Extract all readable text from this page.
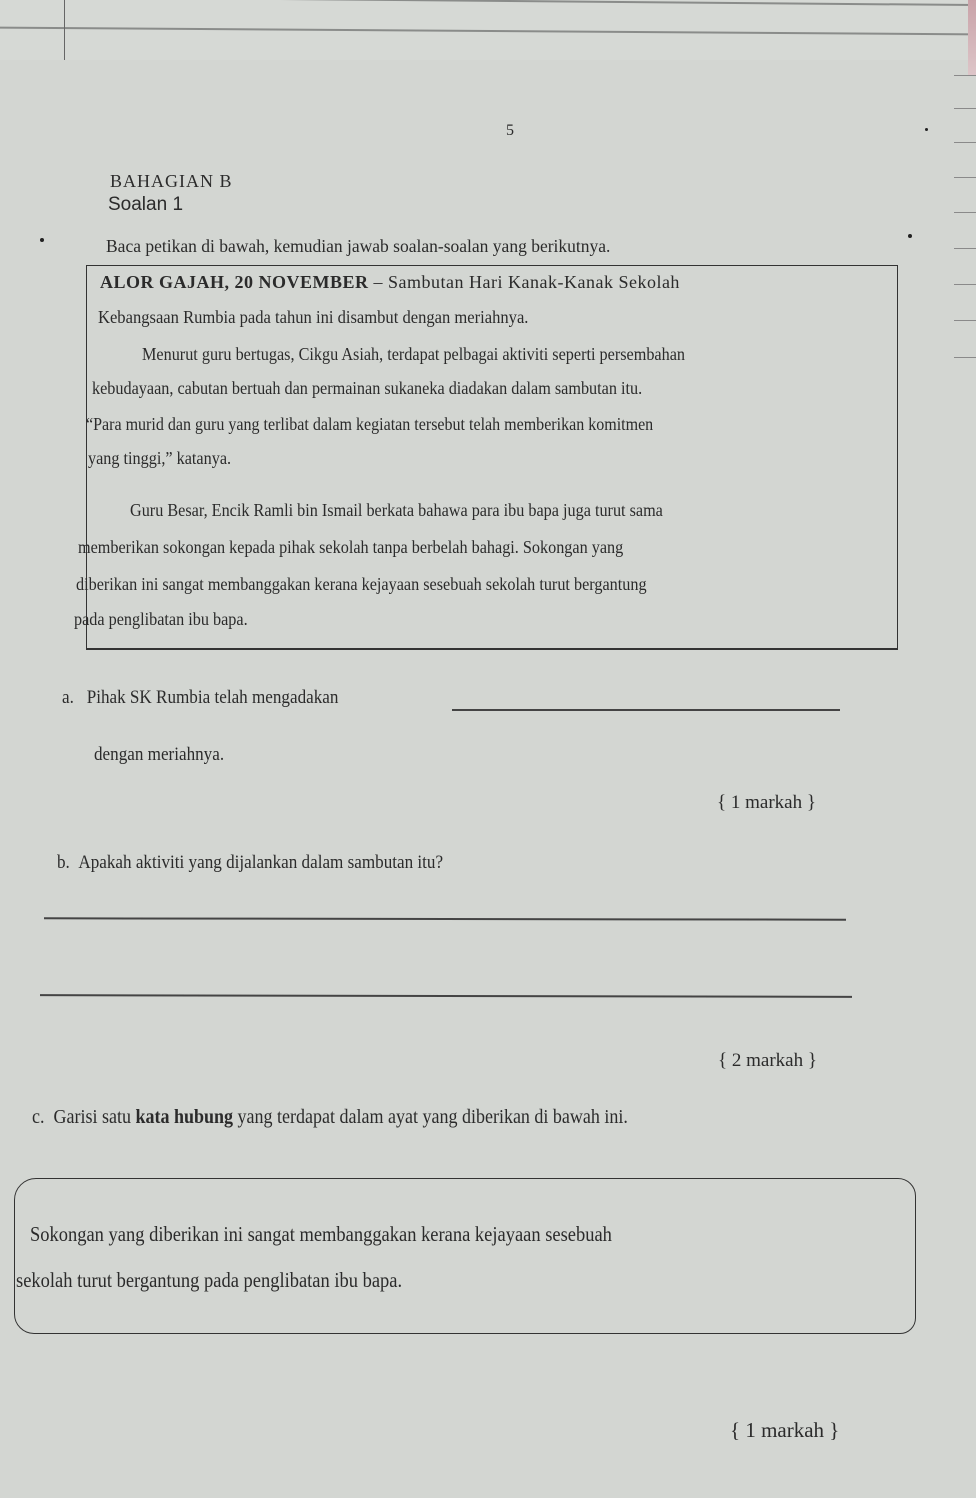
5
BAHAGIAN B
Soalan 1
Baca petikan di bawah, kemudian jawab soalan-soalan yang berikutnya.
ALOR GAJAH, 20 NOVEMBER – Sambutan Hari Kanak-Kanak Sekolah
Kebangsaan Rumbia pada tahun ini disambut dengan meriahnya.
Menurut guru bertugas, Cikgu Asiah, terdapat pelbagai aktiviti seperti persembahan
kebudayaan, cabutan bertuah dan permainan sukaneka diadakan dalam sambutan itu.
“Para murid dan guru yang terlibat dalam kegiatan tersebut telah memberikan komitmen
yang tinggi,” katanya.
Guru Besar, Encik Ramli bin Ismail berkata bahawa para ibu bapa juga turut sama
memberikan sokongan kepada pihak sekolah tanpa berbelah bahagi. Sokongan yang
diberikan ini sangat membanggakan kerana kejayaan sesebuah sekolah turut bergantung
pada penglibatan ibu bapa.
a. Pihak SK Rumbia telah mengadakan
dengan meriahnya.
{ 1 markah }
b. Apakah aktiviti yang dijalankan dalam sambutan itu?
{ 2 markah }
c. Garisi satu kata hubung yang terdapat dalam ayat yang diberikan di bawah ini.
Sokongan yang diberikan ini sangat membanggakan kerana kejayaan sesebuah
sekolah turut bergantung pada penglibatan ibu bapa.
{ 1 markah }
